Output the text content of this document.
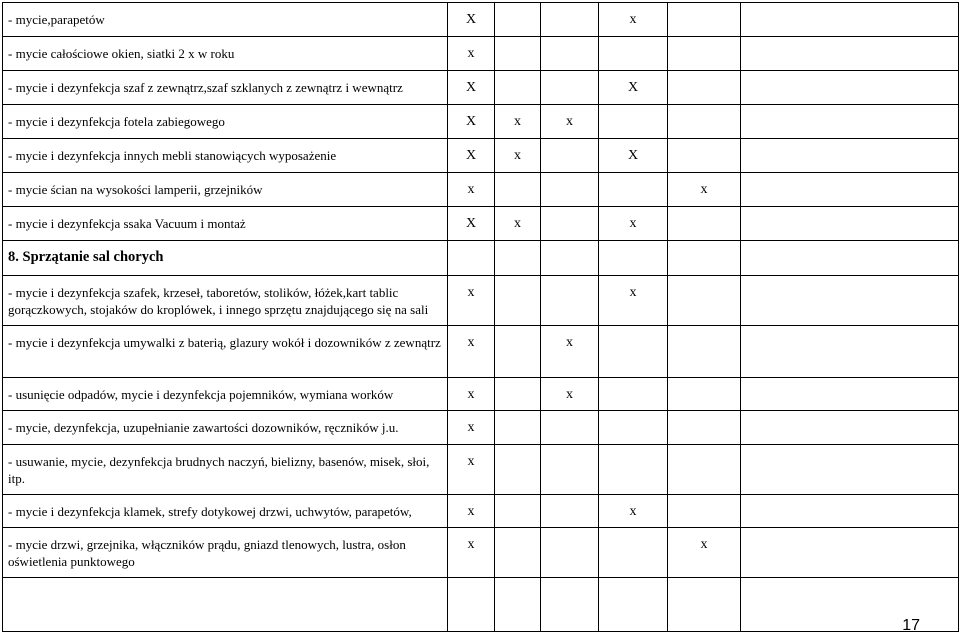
- mycie,parapetów	X			x		
- mycie całościowe okien, siatki 2 x w roku	x					
- mycie i dezynfekcja szaf z zewnątrz,szaf szklanych z zewnątrz i wewnątrz	X			X		
- mycie i dezynfekcja fotela zabiegowego	X	x	x			
- mycie i dezynfekcja innych mebli stanowiących wyposażenie	X	x		X		
- mycie ścian na wysokości lamperii, grzejników	x				x	
- mycie i dezynfekcja ssaka Vacuum i montaż	X	x		x		
8. Sprzątanie sal chorych						
- mycie i dezynfekcja szafek, krzeseł, taboretów, stolików, łóżek,kart tablic gorączkowych, stojaków do kroplówek, i innego sprzętu znajdującego się na sali	x			x		
- mycie i dezynfekcja umywalki z baterią, glazury wokół i dozowników z zewnątrz	x		x			
- usunięcie odpadów, mycie i dezynfekcja pojemników, wymiana worków	x		x			
- mycie, dezynfekcja, uzupełnianie zawartości dozowników, ręczników j.u.	x					
- usuwanie, mycie, dezynfekcja brudnych naczyń, bielizny, basenów, misek, słoi, itp.	x					
- mycie i dezynfekcja klamek, strefy dotykowej drzwi, uchwytów, parapetów,	x			x		
- mycie drzwi, grzejnika, włączników prądu, gniazd tlenowych, lustra, osłon oświetlenia punktowego	x				x	

17
